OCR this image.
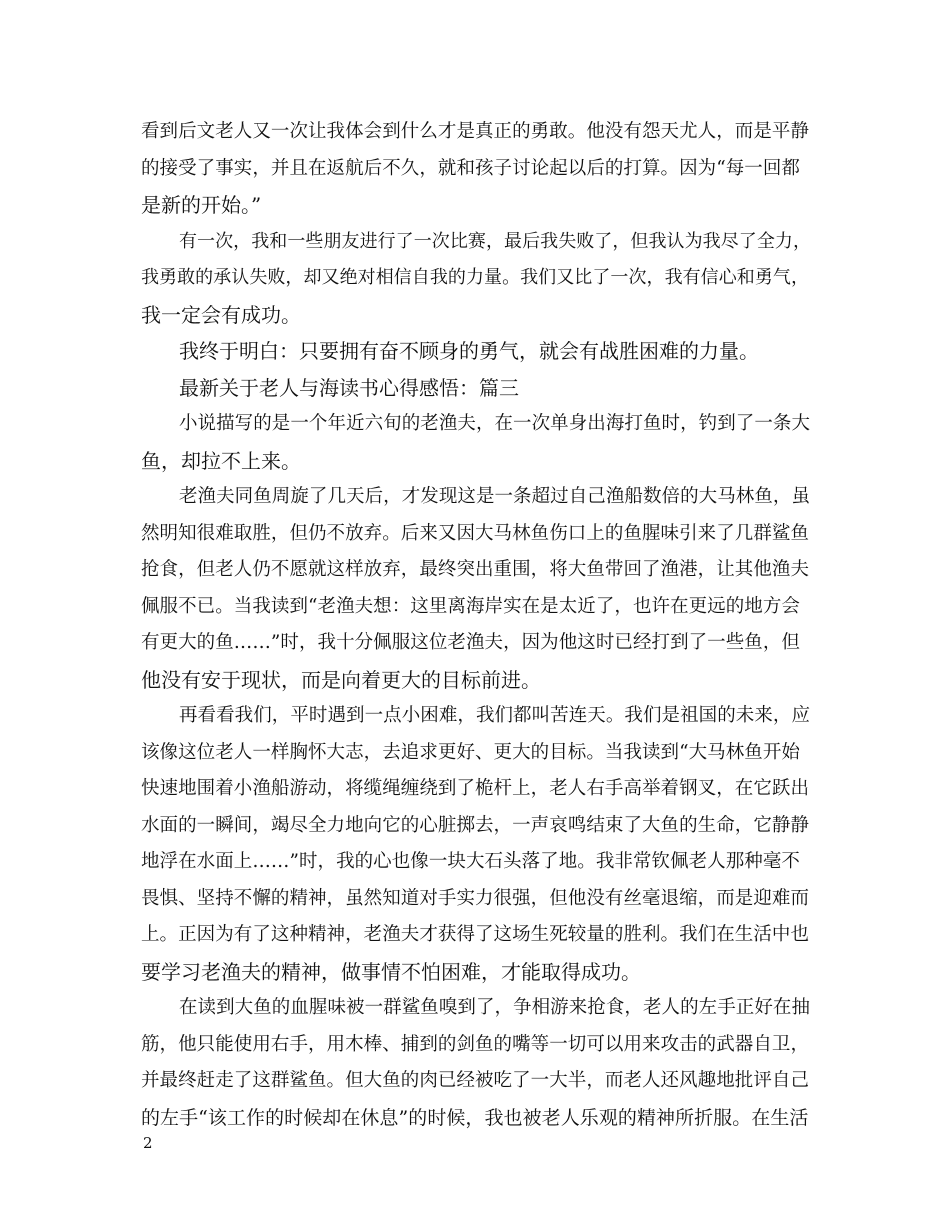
看到后文老人又一次让我体会到什么才是真正的勇敢。他没有怨天尤人，而是平静
的接受了事实，并且在返航后不久，就和孩子讨论起以后的打算。因为“每一回都
是新的开始。”
有一次，我和一些朋友进行了一次比赛，最后我失败了，但我认为我尽了全力，
我勇敢的承认失败，却又绝对相信自我的力量。我们又比了一次，我有信心和勇气，
我一定会有成功。
我终于明白：只要拥有奋不顾身的勇气，就会有战胜困难的力量。
最新关于老人与海读书心得感悟：篇三
小说描写的是一个年近六旬的老渔夫，在一次单身出海打鱼时，钓到了一条大
鱼，却拉不上来。
老渔夫同鱼周旋了几天后，才发现这是一条超过自己渔船数倍的大马林鱼，虽
然明知很难取胜，但仍不放弃。后来又因大马林鱼伤口上的鱼腥味引来了几群鲨鱼
抢食，但老人仍不愿就这样放弃，最终突出重围，将大鱼带回了渔港，让其他渔夫
佩服不已。当我读到“老渔夫想：这里离海岸实在是太近了，也许在更远的地方会
有更大的鱼……”时，我十分佩服这位老渔夫，因为他这时已经打到了一些鱼，但
他没有安于现状，而是向着更大的目标前进。
再看看我们，平时遇到一点小困难，我们都叫苦连天。我们是祖国的未来，应
该像这位老人一样胸怀大志，去追求更好、更大的目标。当我读到“大马林鱼开始
快速地围着小渔船游动，将缆绳缠绕到了桅杆上，老人右手高举着钢叉，在它跃出
水面的一瞬间，竭尽全力地向它的心脏掷去，一声哀鸣结束了大鱼的生命，它静静
地浮在水面上……”时，我的心也像一块大石头落了地。我非常钦佩老人那种毫不
畏惧、坚持不懈的精神，虽然知道对手实力很强，但他没有丝毫退缩，而是迎难而
上。正因为有了这种精神，老渔夫才获得了这场生死较量的胜利。我们在生活中也
要学习老渔夫的精神，做事情不怕困难，才能取得成功。
在读到大鱼的血腥味被一群鲨鱼嗅到了，争相游来抢食，老人的左手正好在抽
筋，他只能使用右手，用木棒、捕到的剑鱼的嘴等一切可以用来攻击的武器自卫，
并最终赶走了这群鲨鱼。但大鱼的肉已经被吃了一大半，而老人还风趣地批评自己
的左手“该工作的时候却在休息”的时候，我也被老人乐观的精神所折服。在生活
2
